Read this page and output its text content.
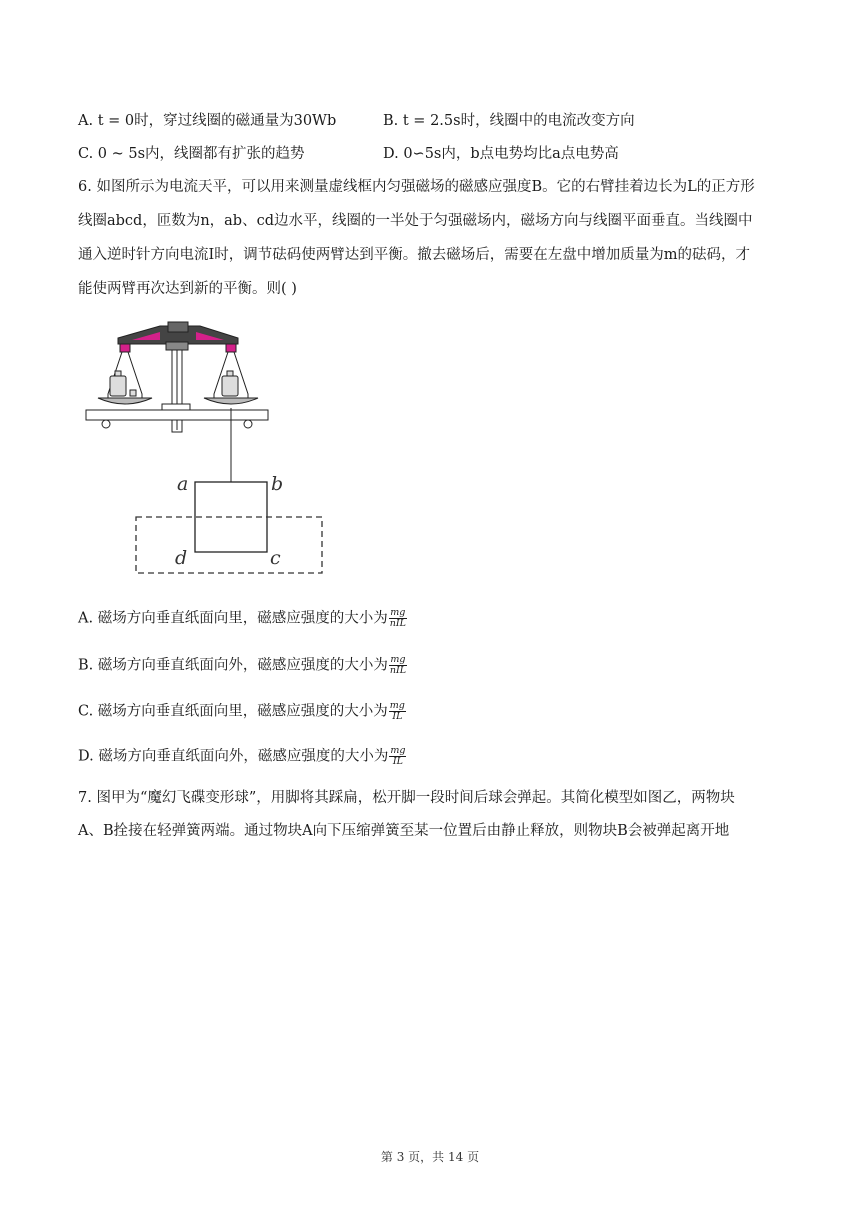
A. t = 0时，穿过线圈的磁通量为30Wb	B. t = 2.5s时，线圈中的电流改变方向
C. 0 ~ 5s内，线圈都有扩张的趋势	D. 0∽5s内，b点电势均比a点电势高
6. 如图所示为电流天平，可以用来测量虚线框内匀强磁场的磁感应强度B。它的右臂挂着边长为L的正方形
线圈abcd，匝数为n，ab、cd边水平，线圈的一半处于匀强磁场内，磁场方向与线圈平面垂直。当线圈中
通入逆时针方向电流I时，调节砝码使两臂达到平衡。撤去磁场后，需要在左盘中增加质量为m的砝码，才
能使两臂再次达到新的平衡。则( )
a	b
d	c
A. 磁场方向垂直纸面向里，磁感应强度的大小为 $\frac{mg}{\text{nIL}}$
B. 磁场方向垂直纸面向外，磁感应强度的大小为 $\frac{mg}{\text{nIL}}$
C. 磁场方向垂直纸面向里，磁感应强度的大小为 $\frac{mg}{IL}$
D. 磁场方向垂直纸面向外，磁感应强度的大小为 $\frac{mg}{IL}$
7. 图甲为“魔幻飞碟变形球”，用脚将其踩扁，松开脚一段时间后球会弹起。其简化模型如图乙，两物块
A、B拴接在轻弹簧两端。通过物块A向下压缩弹簧至某一位置后由静止释放，则物块B会被弹起离开地
第 3 页，共 14 页
